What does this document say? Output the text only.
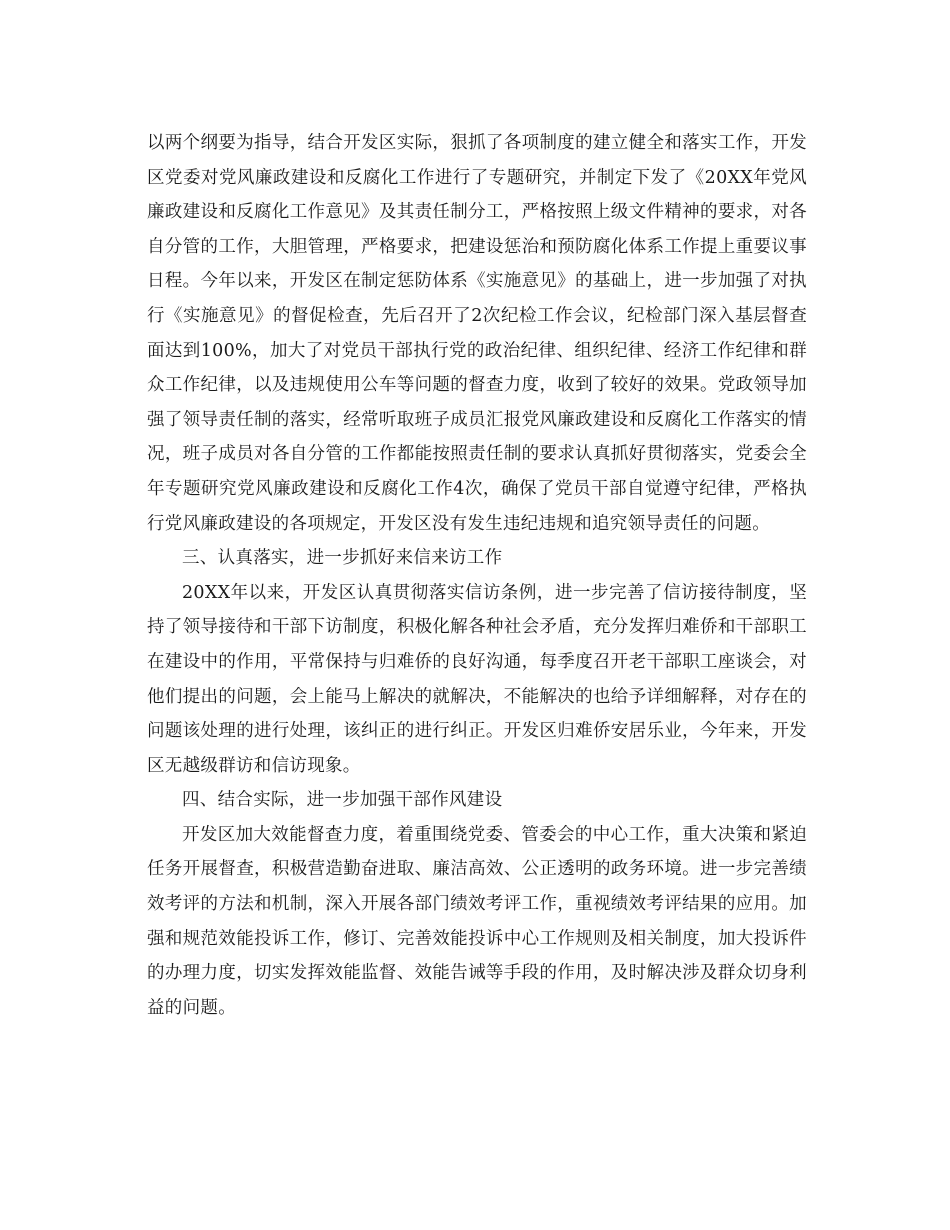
以两个纲要为指导，结合开发区实际，狠抓了各项制度的建立健全和落实工作，开发区党委对党风廉政建设和反腐化工作进行了专题研究，并制定下发了《20XX年党风廉政建设和反腐化工作意见》及其责任制分工，严格按照上级文件精神的要求，对各自分管的工作，大胆管理，严格要求，把建设惩治和预防腐化体系工作提上重要议事日程。今年以来，开发区在制定惩防体系《实施意见》的基础上，进一步加强了对执行《实施意见》的督促检查，先后召开了2次纪检工作会议，纪检部门深入基层督查面达到100%，加大了对党员干部执行党的政治纪律、组织纪律、经济工作纪律和群众工作纪律，以及违规使用公车等问题的督查力度，收到了较好的效果。党政领导加强了领导责任制的落实，经常听取班子成员汇报党风廉政建设和反腐化工作落实的情况，班子成员对各自分管的工作都能按照责任制的要求认真抓好贯彻落实，党委会全年专题研究党风廉政建设和反腐化工作4次，确保了党员干部自觉遵守纪律，严格执行党风廉政建设的各项规定，开发区没有发生违纪违规和追究领导责任的问题。

三、认真落实，进一步抓好来信来访工作

20XX年以来，开发区认真贯彻落实信访条例，进一步完善了信访接待制度，坚持了领导接待和干部下访制度，积极化解各种社会矛盾，充分发挥归难侨和干部职工在建设中的作用，平常保持与归难侨的良好沟通，每季度召开老干部职工座谈会，对他们提出的问题，会上能马上解决的就解决，不能解决的也给予详细解释，对存在的问题该处理的进行处理，该纠正的进行纠正。开发区归难侨安居乐业，今年来，开发区无越级群访和信访现象。

四、结合实际，进一步加强干部作风建设

开发区加大效能督查力度，着重围绕党委、管委会的中心工作，重大决策和紧迫任务开展督查，积极营造勤奋进取、廉洁高效、公正透明的政务环境。进一步完善绩效考评的方法和机制，深入开展各部门绩效考评工作，重视绩效考评结果的应用。加强和规范效能投诉工作，修订、完善效能投诉中心工作规则及相关制度，加大投诉件的办理力度，切实发挥效能监督、效能告诫等手段的作用，及时解决涉及群众切身利益的问题。
